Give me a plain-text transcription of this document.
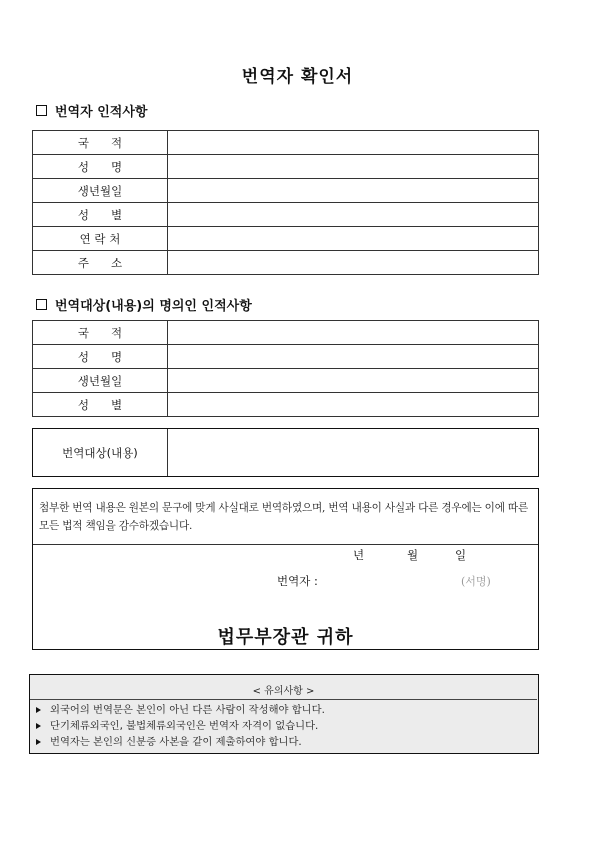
번역자 확인서
번역자 인적사항
국      적	
성      명	
생년월일	
성      별	
연 락 처	
주      소	
번역대상(내용)의 명의인 인적사항
국      적	
성      명	
생년월일	
성      별	
번역대상(내용)
첨부한 번역 내용은 원본의 문구에 맞게 사실대로 번역하였으며, 번역 내용이 사실과 다른 경우에는 이에 따른 모든 법적 책임을 감수하겠습니다.
년	월	일
번역자 :	(서명)
법무부장관 귀하
< 유의사항 >
외국어의 번역문은 본인이 아닌 다른 사람이 작성해야 합니다.
단기체류외국인, 불법체류외국인은 번역자 자격이 없습니다.
번역자는 본인의 신분증 사본을 같이 제출하여야 합니다.
